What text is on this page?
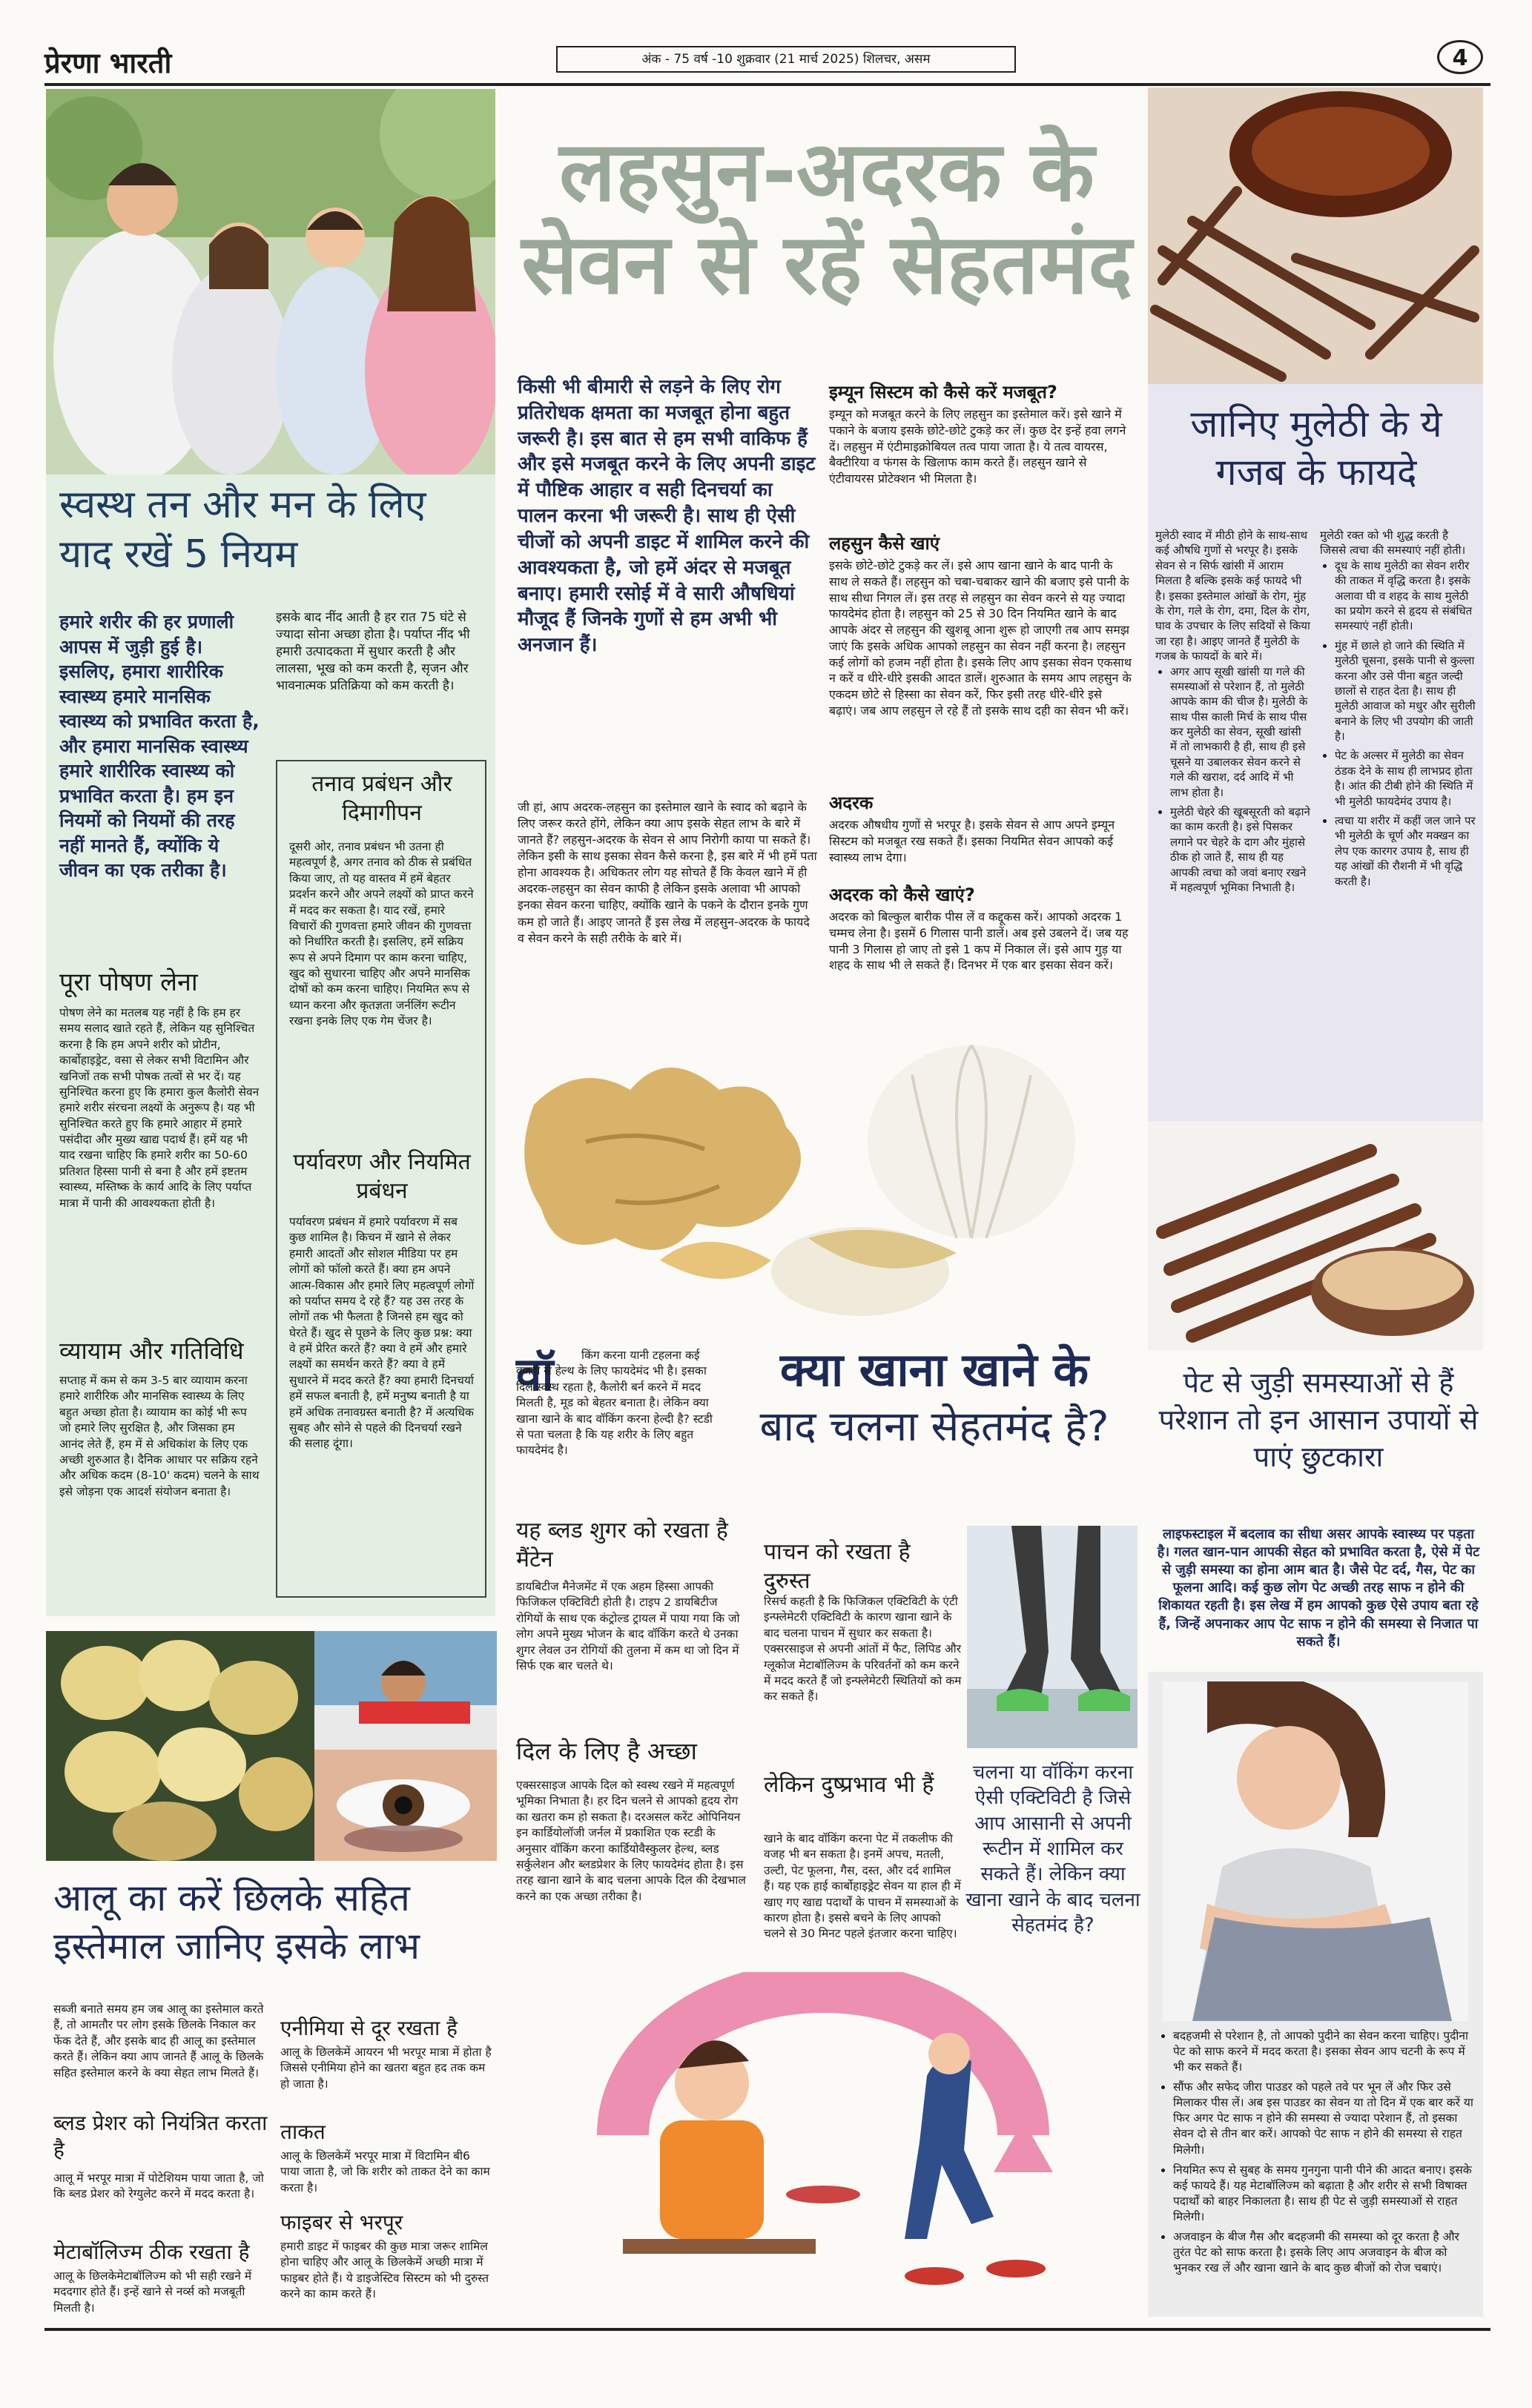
प्रेरणा भारती	अंक - 75 वर्ष -10 शुक्रवार (21 मार्च 2025) शिलचर, असम	4
स्वस्थ तन और मन के लिए याद रखें 5 नियम
हमारे शरीर की हर प्रणाली आपस में जुड़ी हुई है। इसलिए, हमारा शारीरिक स्वास्थ्य हमारे मानसिक स्वास्थ्य को प्रभावित करता है, और हमारा मानसिक स्वास्थ्य हमारे शारीरिक स्वास्थ्य को प्रभावित करता है। हम इन नियमों को नियमों की तरह नहीं मानते हैं, क्योंकि ये जीवन का एक तरीका है।
इसके बाद नींद आती है हर रात 75 घंटे से ज्यादा सोना अच्छा होता है। पर्याप्त नींद भी हमारी उत्पादकता में सुधार करती है और लालसा, भूख को कम करती है, सृजन और भावनात्मक प्रतिक्रिया को कम करती है।
तनाव प्रबंधन और दिमागीपन
दूसरी ओर, तनाव प्रबंधन भी उतना ही महत्वपूर्ण है, अगर तनाव को ठीक से प्रबंधित किया जाए, तो यह वास्तव में हमें बेहतर प्रदर्शन करने और अपने लक्ष्यों को प्राप्त करने में मदद कर सकता है। याद रखें, हमारे विचारों की गुणवत्ता हमारे जीवन की गुणवत्ता को निर्धारित करती है। इसलिए, हमें सक्रिय रूप से अपने दिमाग पर काम करना चाहिए, खुद को सुधारना चाहिए और अपने मानसिक दोषों को कम करना चाहिए। नियमित रूप से ध्यान करना और कृतज्ञता जर्नलिंग रूटीन रखना इनके लिए एक गेम चेंजर है।
पर्यावरण और नियमित प्रबंधन
पर्यावरण प्रबंधन में हमारे पर्यावरण में सब कुछ शामिल है। किचन में खाने से लेकर हमारी आदतों और सोशल मीडिया पर हम लोगों को फॉलो करते हैं। क्या हम अपने आत्म-विकास और हमारे लिए महत्वपूर्ण लोगों को पर्याप्त समय दे रहे हैं? यह उस तरह के लोगों तक भी फैलता है जिनसे हम खुद को घेरते हैं। खुद से पूछने के लिए कुछ प्रश्न: क्या वे हमें प्रेरित करते हैं? क्या वे हमें और हमारे लक्ष्यों का समर्थन करते हैं? क्या वे हमें सुधारने में मदद करते हैं? क्या हमारी दिनचर्या हमें सफल बनाती है, हमें मनुष्य बनाती है या हमें अधिक तनावग्रस्त बनाती है? में अत्यधिक सुबह और सोने से पहले की दिनचर्या रखने की सलाह दूंगा।
पूरा पोषण लेना
पोषण लेने का मतलब यह नहीं है कि हम हर समय सलाद खाते रहते हैं, लेकिन यह सुनिश्चित करना है कि हम अपने शरीर को प्रोटीन, कार्बोहाइड्रेट, वसा से लेकर सभी विटामिन और खनिजों तक सभी पोषक तत्वों से भर दें। यह सुनिश्चित करना हुए कि हमारा कुल कैलोरी सेवन हमारे शरीर संरचना लक्ष्यों के अनुरूप है। यह भी सुनिश्चित करते हुए कि हमारे आहार में हमारे पसंदीदा और मुख्य खाद्य पदार्थ हैं। हमें यह भी याद रखना चाहिए कि हमारे शरीर का 50-60 प्रतिशत हिस्सा पानी से बना है और हमें इष्टतम स्वास्थ्य, मस्तिष्क के कार्य आदि के लिए पर्याप्त मात्रा में पानी की आवश्यकता होती है।
व्यायाम और गतिविधि
सप्ताह में कम से कम 3-5 बार व्यायाम करना हमारे शारीरिक और मानसिक स्वास्थ्य के लिए बहुत अच्छा होता है। व्यायाम का कोई भी रूप जो हमारे लिए सुरक्षित है, और जिसका हम आनंद लेते हैं, हम में से अधिकांश के लिए एक अच्छी शुरुआत है। दैनिक आधार पर सक्रिय रहने और अधिक कदम (8-10' कदम) चलने के साथ इसे जोड़ना एक आदर्श संयोजन बनाता है।
लहसुन-अदरक के
सेवन से रहें सेहतमंद
किसी भी बीमारी से लड़ने के लिए रोग प्रतिरोधक क्षमता का मजबूत होना बहुत जरूरी है। इस बात से हम सभी वाकिफ हैं और इसे मजबूत करने के लिए अपनी डाइट में पौष्टिक आहार व सही दिनचर्या का पालन करना भी जरूरी है। साथ ही ऐसी चीजों को अपनी डाइट में शामिल करने की आवश्यकता है, जो हमें अंदर से मजबूत बनाए। हमारी रसोई में वे सारी औषधियां मौजूद हैं जिनके गुणों से हम अभी भी अनजान हैं।
जी हां, आप अदरक-लहसुन का इस्तेमाल खाने के स्वाद को बढ़ाने के लिए जरूर करते होंगे, लेकिन क्या आप इसके सेहत लाभ के बारे में जानते हैं? लहसुन-अदरक के सेवन से आप निरोगी काया पा सकते हैं। लेकिन इसी के साथ इसका सेवन कैसे करना है, इस बारे में भी हमें पता होना आवश्यक है। अधिकतर लोग यह सोचते हैं कि केवल खाने में ही अदरक-लहसुन का सेवन काफी है लेकिन इसके अलावा भी आपको इनका सेवन करना चाहिए, क्योंकि खाने के पकने के दौरान इनके गुण कम हो जाते हैं। आइए जानते हैं इस लेख में लहसुन-अदरक के फायदे व सेवन करने के सही तरीके के बारे में।
इम्यून सिस्टम को कैसे करें मजबूत?
इम्यून को मजबूत करने के लिए लहसुन का इस्तेमाल करें। इसे खाने में पकाने के बजाय इसके छोटे-छोटे टुकड़े कर लें। कुछ देर इन्हें हवा लगने दें। लहसुन में एंटीमाइक्रोबियल तत्व पाया जाता है। ये तत्व वायरस, बैक्टीरिया व फंगस के खिलाफ काम करते हैं। लहसुन खाने से एंटीवायरस प्रोटेक्शन भी मिलता है।
लहसुन कैसे खाएं
इसके छोटे-छोटे टुकड़े कर लें। इसे आप खाना खाने के बाद पानी के साथ ले सकते हैं। लहसुन को चबा-चबाकर खाने की बजाए इसे पानी के साथ सीधा निगल लें। इस तरह से लहसुन का सेवन करने से यह ज्यादा फायदेमंद होता है। लहसुन को 25 से 30 दिन नियमित खाने के बाद आपके अंदर से लहसुन की खुशबू आना शुरू हो जाएगी तब आप समझ जाएं कि इसके अधिक आपको लहसुन का सेवन नहीं करना है। लहसुन कई लोगों को हजम नहीं होता है। इसके लिए आप इसका सेवन एकसाथ न करें व धीरे-धीरे इसकी आदत डालें। शुरुआत के समय आप लहसुन के एकदम छोटे से हिस्सा का सेवन करें, फिर इसी तरह धीरे-धीरे इसे बढ़ाएं। जब आप लहसुन ले रहे हैं तो इसके साथ दही का सेवन भी करें।
अदरक
अदरक औषधीय गुणों से भरपूर है। इसके सेवन से आप अपने इम्यून सिस्टम को मजबूत रख सकते हैं। इसका नियमित सेवन आपको कई स्वास्थ्य लाभ देगा।
अदरक को कैसे खाएं?
अदरक को बिल्कुल बारीक पीस लें व कद्दूकस करें। आपको अदरक 1 चम्मच लेना है। इसमें 6 गिलास पानी डालें। अब इसे उबलने दें। जब यह पानी 3 गिलास हो जाए तो इसे 1 कप में निकाल लें। इसे आप गुड़ या शहद के साथ भी ले सकते हैं। दिनभर में एक बार इसका सेवन करें।
जानिए मुलेठी के ये गजब के फायदे
मुलेठी स्वाद में मीठी होने के साथ-साथ कई औषधि गुणों से भरपूर है। इसके सेवन से न सिर्फ खांसी में आराम मिलता है बल्कि इसके कई फायदे भी है। इसका इस्तेमाल आंखों के रोग, मुंह के रोग, गले के रोग, दमा, दिल के रोग, घाव के उपचार के लिए सदियों से किया जा रहा है। आइए जानते हैं मुलेठी के गजब के फायदों के बारे में।
• अगर आप सूखी खांसी या गले की समस्याओं से परेशान हैं, तो मुलेठी आपके काम की चीज है। मुलेठी के साथ पीस काली मिर्च के साथ पीस कर मुलेठी का सेवन, सूखी खांसी में तो लाभकारी है ही, साथ ही इसे चूसने या उबालकर सेवन करने से गले की खराश, दर्द आदि में भी लाभ होता है।
• मुलेठी चेहरे की खूबसूरती को बढ़ाने का काम करती है। इसे पिसकर लगाने पर चेहरे के दाग और मुंहासे ठीक हो जाते हैं, साथ ही यह आपकी त्वचा को जवां बनाए रखने में महत्वपूर्ण भूमिका निभाती है।
मुलेठी रक्त को भी शुद्ध करती है जिससे त्वचा की समस्याएं नहीं होती।
• दूध के साथ मुलेठी का सेवन शरीर की ताकत में वृद्धि करता है। इसके अलावा घी व शहद के साथ मुलेठी का प्रयोग करने से हृदय से संबंधित समस्याएं नहीं होती।
• मुंह में छाले हो जाने की स्थिति में मुलेठी चूसना, इसके पानी से कुल्ला करना और उसे पीना बहुत जल्दी छालों से राहत देता है। साथ ही मुलेठी आवाज को मधुर और सुरीली बनाने के लिए भी उपयोग की जाती है।
• पेट के अल्सर में मुलेठी का सेवन ठंडक देने के साथ ही लाभप्रद होता है। आंत की टीबी होने की स्थिति में भी मुलेठी फायदेमंद उपाय है।
• त्वचा या शरीर में कहीं जल जाने पर भी मुलेठी के चूर्ण और मक्खन का लेप एक कारगर उपाय है, साथ ही यह आंखों की रौशनी में भी वृद्धि करती है।
क्या खाना खाने के
बाद चलना सेहतमंद है?
वॉ	किंग करना यानी टहलना कई वजहों से हेल्थ के लिए फायदेमंद भी है। इसका दिल स्वस्थ रहता है, कैलोरी बर्न करने में मदद मिलती है, मूड को बेहतर बनाता है। लेकिन क्या खाना खाने के बाद वॉकिंग करना हेल्दी है? स्टडी से पता चलता है कि यह शरीर के लिए बहुत फायदेमंद है।
यह ब्लड शुगर को रखता है मैंटेन
डायबिटीज मैनेजमेंट में एक अहम हिस्सा आपकी फिजिकल एक्टिविटी होती है। टाइप 2 डायबिटीज रोगियों के साथ एक कंट्रोल्ड ट्रायल में पाया गया कि जो लोग अपने मुख्य भोजन के बाद वॉकिंग करते थे उनका शुगर लेवल उन रोगियों की तुलना में कम था जो दिन में सिर्फ एक बार चलते थे।
दिल के लिए है अच्छा
एक्सरसाइज आपके दिल को स्वस्थ रखने में महत्वपूर्ण भूमिका निभाता है। हर दिन चलने से आपको हृदय रोग का खतरा कम हो सकता है। दरअसल करेंट ओपिनियन इन कार्डियोलॉजी जर्नल में प्रकाशित एक स्टडी के अनुसार वॉकिंग करना कार्डियोवैस्कुलर हेल्थ, ब्लड सर्कुलेशन और ब्लडप्रेशर के लिए फायदेमंद होता है। इस तरह खाना खाने के बाद चलना आपके दिल की देखभाल करने का एक अच्छा तरीका है।
पाचन को रखता है दुरुस्त
रिसर्च कहती है कि फिजिकल एक्टिविटी के एंटी इन्फ्लेमेटरी एक्टिविटी के कारण खाना खाने के बाद चलना पाचन में सुधार कर सकता है। एक्सरसाइज से अपनी आंतों में फैट, लिपिड और ग्लूकोज मेटाबॉलिज्म के परिवर्तनों को कम करने में मदद करते हैं जो इन्फ्लेमेटरी स्थितियों को कम कर सकते हैं।
लेकिन दुष्प्रभाव भी हैं
खाने के बाद वॉकिंग करना पेट में तकलीफ की वजह भी बन सकता है। इनमें अपच, मतली, उल्टी, पेट फूलना, गैस, दस्त, और दर्द शामिल हैं। यह एक हाई कार्बोहाइड्रेट सेवन या हाल ही में खाए गए खाद्य पदार्थों के पाचन में समस्याओं के कारण होता है। इससे बचने के लिए आपको चलने से 30 मिनट पहले इंतजार करना चाहिए।
चलना या वॉकिंग करना ऐसी एक्टिविटी है जिसे आप आसानी से अपनी रूटीन में शामिल कर सकते हैं। लेकिन क्या खाना खाने के बाद चलना सेहतमंद है?
पेट से जुड़ी समस्याओं से हैं परेशान तो इन आसान उपायों से पाएं छुटकारा
लाइफस्टाइल में बदलाव का सीधा असर आपके स्वास्थ्य पर पड़ता है। गलत खान-पान आपकी सेहत को प्रभावित करता है, ऐसे में पेट से जुड़ी समस्या का होना आम बात है। जैसे पेट दर्द, गैस, पेट का फूलना आदि। कई कुछ लोग पेट अच्छी तरह साफ न होने की शिकायत रहती है। इस लेख में हम आपको कुछ ऐसे उपाय बता रहे हैं, जिन्हें अपनाकर आप पेट साफ न होने की समस्या से निजात पा सकते हैं।
• बदहजमी से परेशान है, तो आपको पुदीने का सेवन करना चाहिए। पुदीना पेट को साफ करने में मदद करता है। इसका सेवन आप चटनी के रूप में भी कर सकते हैं।
• सौंफ और सफेद जीरा पाउडर को पहले तवे पर भून लें और फिर उसे मिलाकर पीस लें। अब इस पाउडर का सेवन या तो दिन में एक बार करें या फिर अगर पेट साफ न होने की समस्या से ज्यादा परेशान हैं, तो इसका सेवन दो से तीन बार करें। आपको पेट साफ न होने की समस्या से राहत मिलेगी।
• नियमित रूप से सुबह के समय गुनगुना पानी पीने की आदत बनाए। इसके कई फायदे हैं। यह मेटाबॉलिज्म को बढ़ाता है और शरीर से सभी विषाक्त पदार्थों को बाहर निकालता है। साथ ही पेट से जुड़ी समस्याओं से राहत मिलेगी।
• अजवाइन के बीज गैस और बदहजमी की समस्या को दूर करता है और तुरंत पेट को साफ करता है। इसके लिए आप अजवाइन के बीज को भुनकर रख लें और खाना खाने के बाद कुछ बीजों को रोज चबाएं।
आलू का करें छिलके सहित इस्तेमाल जानिए इसके लाभ
सब्जी बनाते समय हम जब आलू का इस्तेमाल करते हैं, तो आमतौर पर लोग इसके छिलके निकाल कर फेंक देते हैं, और इसके बाद ही आलू का इस्तेमाल करते हैं। लेकिन क्या आप जानते हैं आलू के छिलके सहित इस्तेमाल करने के क्या सेहत लाभ मिलते हैं।
ब्लड प्रेशर को नियंत्रित करता है
आलू में भरपूर मात्रा में पोटेशियम पाया जाता है, जो कि ब्लड प्रेशर को रेग्युलेट करने में मदद करता है।
मेटाबॉलिज्म ठीक रखता है
आलू के छिलकेमेटाबॉलिज्म को भी सही रखने में मददगार होते हैं। इन्हें खाने से नर्व्स को मजबूती मिलती है।
एनीमिया से दूर रखता है
आलू के छिलकेमें आयरन भी भरपूर मात्रा में होता है जिससे एनीमिया होने का खतरा बहुत हद तक कम हो जाता है।
ताकत
आलू के छिलकेमें भरपूर मात्रा में विटामिन बी6 पाया जाता है, जो कि शरीर को ताकत देने का काम करता है।
फाइबर से भरपूर
हमारी डाइट में फाइबर की कुछ मात्रा जरूर शामिल होना चाहिए और आलू के छिलकेमें अच्छी मात्रा में फाइबर होते हैं। ये डाइजेस्टिव सिस्टम को भी दुरुस्त करने का काम करते हैं।
